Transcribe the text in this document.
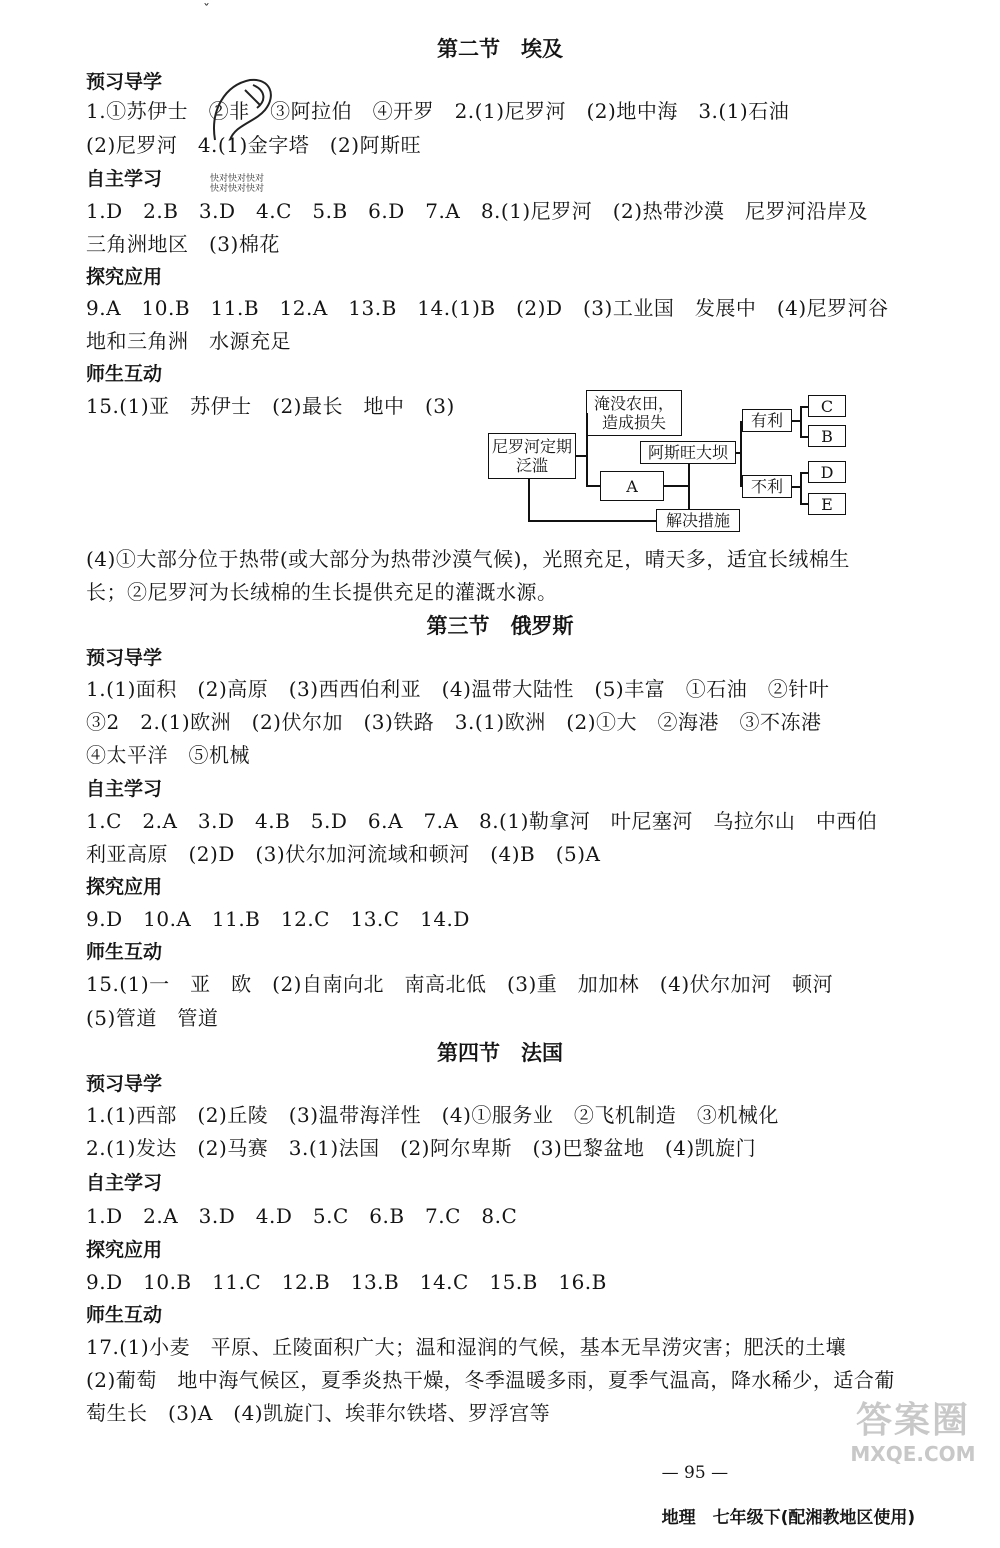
ˇ
第二节　埃及
预习导学
1.①苏伊士　②非　③阿拉伯　④开罗　2.(1)尼罗河　(2)地中海　3.(1)石油
(2)尼罗河　4.(1)金字塔　(2)阿斯旺
自主学习	快对快对快对
快对快对快对
1.D　2.B　3.D　4.C　5.B　6.D　7.A　8.(1)尼罗河　(2)热带沙漠　尼罗河沿岸及
三角洲地区　(3)棉花
探究应用
9.A　10.B　11.B　12.A　13.B　14.(1)B　(2)D　(3)工业国　发展中　(4)尼罗河谷
地和三角洲　水源充足
师生互动
15.(1)亚　苏伊士　(2)最长　地中　(3)
尼罗河定期泛滥
淹没农田，造成损失
阿斯旺大坝
A
解决措施
有利
不利
C
B
D
E
(4)①大部分位于热带(或大部分为热带沙漠气候)，光照充足，晴天多，适宜长绒棉生
长；②尼罗河为长绒棉的生长提供充足的灌溉水源。
第三节　俄罗斯
预习导学
1.(1)面积　(2)高原　(3)西西伯利亚　(4)温带大陆性　(5)丰富　①石油　②针叶
③2　2.(1)欧洲　(2)伏尔加　(3)铁路　3.(1)欧洲　(2)①大　②海港　③不冻港
④太平洋　⑤机械
自主学习
1.C　2.A　3.D　4.B　5.D　6.A　7.A　8.(1)勒拿河　叶尼塞河　乌拉尔山　中西伯
利亚高原　(2)D　(3)伏尔加河流域和顿河　(4)B　(5)A
探究应用
9.D　10.A　11.B　12.C　13.C　14.D
师生互动
15.(1)一　亚　欧　(2)自南向北　南高北低　(3)重　加加林　(4)伏尔加河　顿河
(5)管道　管道
第四节　法国
预习导学
1.(1)西部　(2)丘陵　(3)温带海洋性　(4)①服务业　②飞机制造　③机械化
2.(1)发达　(2)马赛　3.(1)法国　(2)阿尔卑斯　(3)巴黎盆地　(4)凯旋门
自主学习
1.D　2.A　3.D　4.D　5.C　6.B　7.C　8.C
探究应用
9.D　10.B　11.C　12.B　13.B　14.C　15.B　16.B
师生互动
17.(1)小麦　平原、丘陵面积广大；温和湿润的气候，基本无旱涝灾害；肥沃的土壤
(2)葡萄　地中海气候区，夏季炎热干燥，冬季温暖多雨，夏季气温高，降水稀少，适合葡
萄生长　(3)A　(4)凯旋门、埃菲尔铁塔、罗浮宫等	答案圈
MXQE.COM

— 95 —

地理　七年级下(配湘教地区使用)
